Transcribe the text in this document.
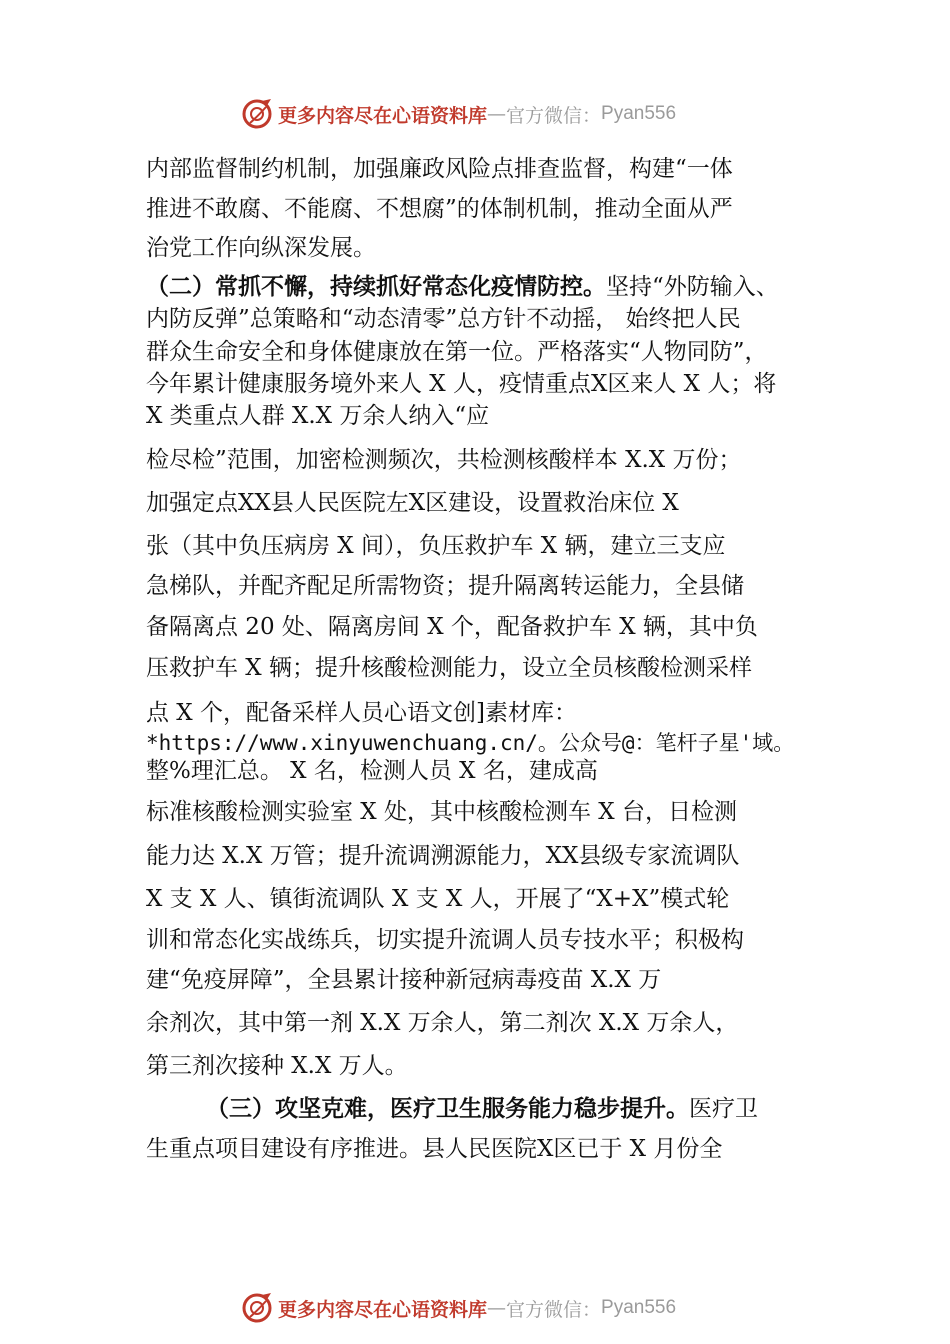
更多内容尽在心语资料库 — 官方微信： Pyan556
内部监督制约机制，加强廉政风险点排查监督，构建“一体
推进不敢腐、不能腐、不想腐”的体制机制，推动全面从严
治党工作向纵深发展。
（二）常抓不懈，持续抓好常态化疫情防控。坚持“外防输入、
内防反弹”总策略和“动态清零”总方针不动摇， 始终把人民
群众生命安全和身体健康放在第一位。严格落实“人物同防”，
今年累计健康服务境外来人 X 人，疫情重点X区来人 X 人；将
X 类重点人群 X.X 万余人纳入“应
检尽检”范围，加密检测频次，共检测核酸样本 X.X 万份；
加强定点XX县人民医院左X区建设，设置救治床位 X
张（其中负压病房 X 间），负压救护车 X 辆，建立三支应
急梯队，并配齐配足所需物资；提升隔离转运能力，全县储
备隔离点 20 处、隔离房间 X 个，配备救护车 X 辆，其中负
压救护车 X 辆；提升核酸检测能力，设立全员核酸检测采样
点 X 个，配备采样人员心语文创]素材库：
*https://www.xinyuwenchuang.cn/。公众号@：笔杆子星'域。
整%理汇总。 X 名，检测人员 X 名，建成高
标准核酸检测实验室 X 处，其中核酸检测车 X 台，日检测
能力达 X.X 万管；提升流调溯源能力，XX县级专家流调队
X 支 X 人、镇街流调队 X 支 X 人，开展了“X+X”模式轮
训和常态化实战练兵，切实提升流调人员专技水平；积极构
建“免疫屏障”，全县累计接种新冠病毒疫苗 X.X 万
余剂次，其中第一剂 X.X 万余人，第二剂次 X.X 万余人，
第三剂次接种 X.X 万人。
（三）攻坚克难，医疗卫生服务能力稳步提升。医疗卫
生重点项目建设有序推进。县人民医院X区已于 X 月份全
更多内容尽在心语资料库 — 官方微信： Pyan556
